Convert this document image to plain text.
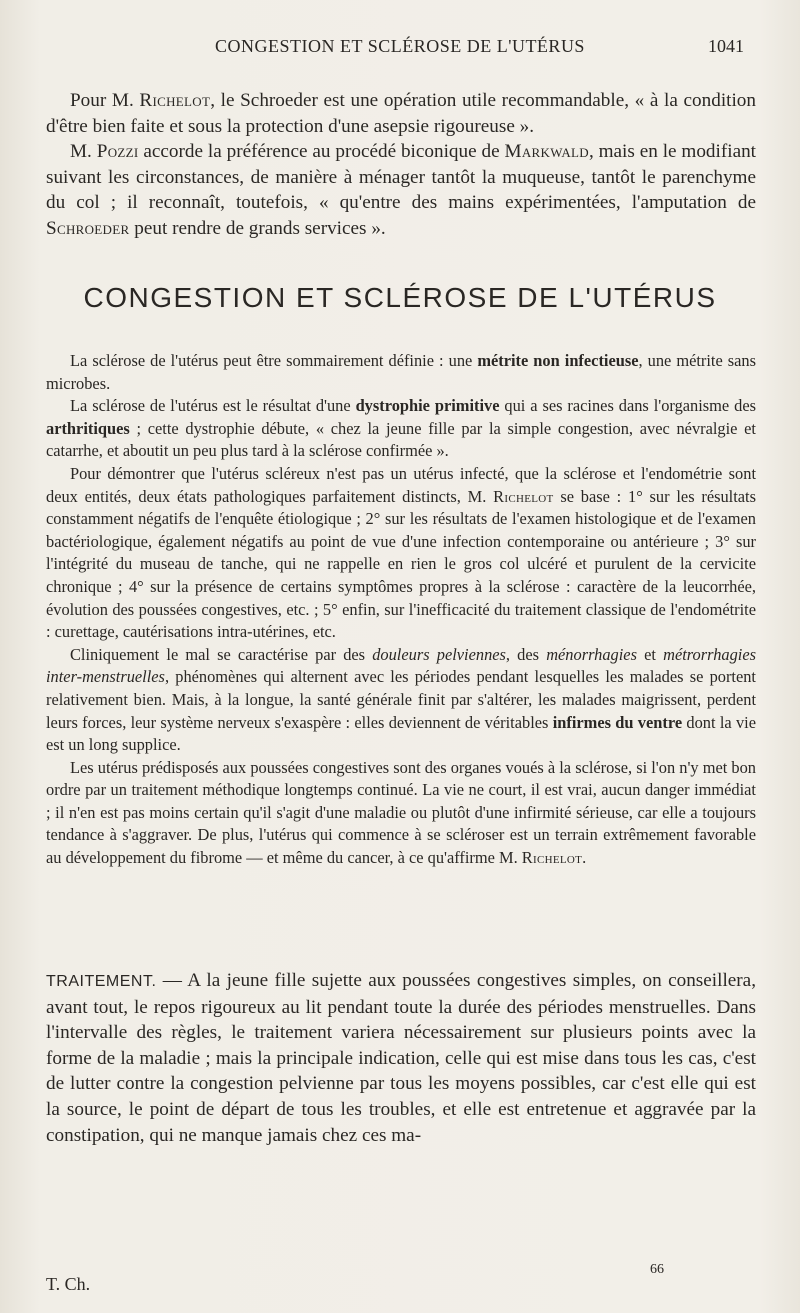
CONGESTION ET SCLÉROSE DE L'UTÉRUS	1041

Pour M. Richelot, le Schroeder est une opération utile recommandable, « à la condition d'être bien faite et sous la protection d'une asepsie rigoureuse ».

M. Pozzi accorde la préférence au procédé biconique de Markwald, mais en le modifiant suivant les circonstances, de manière à ménager tantôt la muqueuse, tantôt le parenchyme du col ; il reconnaît, toutefois, « qu'entre des mains expérimentées, l'amputation de Schroeder peut rendre de grands services ».

CONGESTION ET SCLÉROSE DE L'UTÉRUS

La sclérose de l'utérus peut être sommairement définie : une métrite non infectieuse, une métrite sans microbes.

La sclérose de l'utérus est le résultat d'une dystrophie primitive qui a ses racines dans l'organisme des arthritiques ; cette dystrophie débute, « chez la jeune fille par la simple congestion, avec névralgie et catarrhe, et aboutit un peu plus tard à la sclérose confirmée ».

Pour démontrer que l'utérus scléreux n'est pas un utérus infecté, que la sclérose et l'endométrie sont deux entités, deux états pathologiques parfaitement distincts, M. Richelot se base : 1° sur les résultats constamment négatifs de l'enquête étiologique ; 2° sur les résultats de l'examen histologique et de l'examen bactériologique, également négatifs au point de vue d'une infection contemporaine ou antérieure ; 3° sur l'intégrité du museau de tanche, qui ne rappelle en rien le gros col ulcéré et purulent de la cervicite chronique ; 4° sur la présence de certains symptômes propres à la sclérose : caractère de la leucorrhée, évolution des poussées congestives, etc. ; 5° enfin, sur l'inefficacité du traitement classique de l'endométrite : curettage, cautérisations intra-utérines, etc.

Cliniquement le mal se caractérise par des douleurs pelviennes, des ménorrhagies et métrorrhagies inter-menstruelles, phénomènes qui alternent avec les périodes pendant lesquelles les malades se portent relativement bien. Mais, à la longue, la santé générale finit par s'altérer, les malades maigrissent, perdent leurs forces, leur système nerveux s'exaspère : elles deviennent de véritables infirmes du ventre dont la vie est un long supplice.

Les utérus prédisposés aux poussées congestives sont des organes voués à la sclérose, si l'on n'y met bon ordre par un traitement méthodique longtemps continué. La vie ne court, il est vrai, aucun danger immédiat ; il n'en est pas moins certain qu'il s'agit d'une maladie ou plutôt d'une infirmité sérieuse, car elle a toujours tendance à s'aggraver. De plus, l'utérus qui commence à se scléroser est un terrain extrêmement favorable au développement du fibrome — et même du cancer, à ce qu'affirme M. Richelot.

TRAITEMENT. — A la jeune fille sujette aux poussées congestives simples, on conseillera, avant tout, le repos rigoureux au lit pendant toute la durée des périodes menstruelles. Dans l'intervalle des règles, le traitement variera nécessairement sur plusieurs points avec la forme de la maladie ; mais la principale indication, celle qui est mise dans tous les cas, c'est de lutter contre la congestion pelvienne par tous les moyens possibles, car c'est elle qui est la source, le point de départ de tous les troubles, et elle est entretenue et aggravée par la constipation, qui ne manque jamais chez ces ma-

66
T. Ch.
